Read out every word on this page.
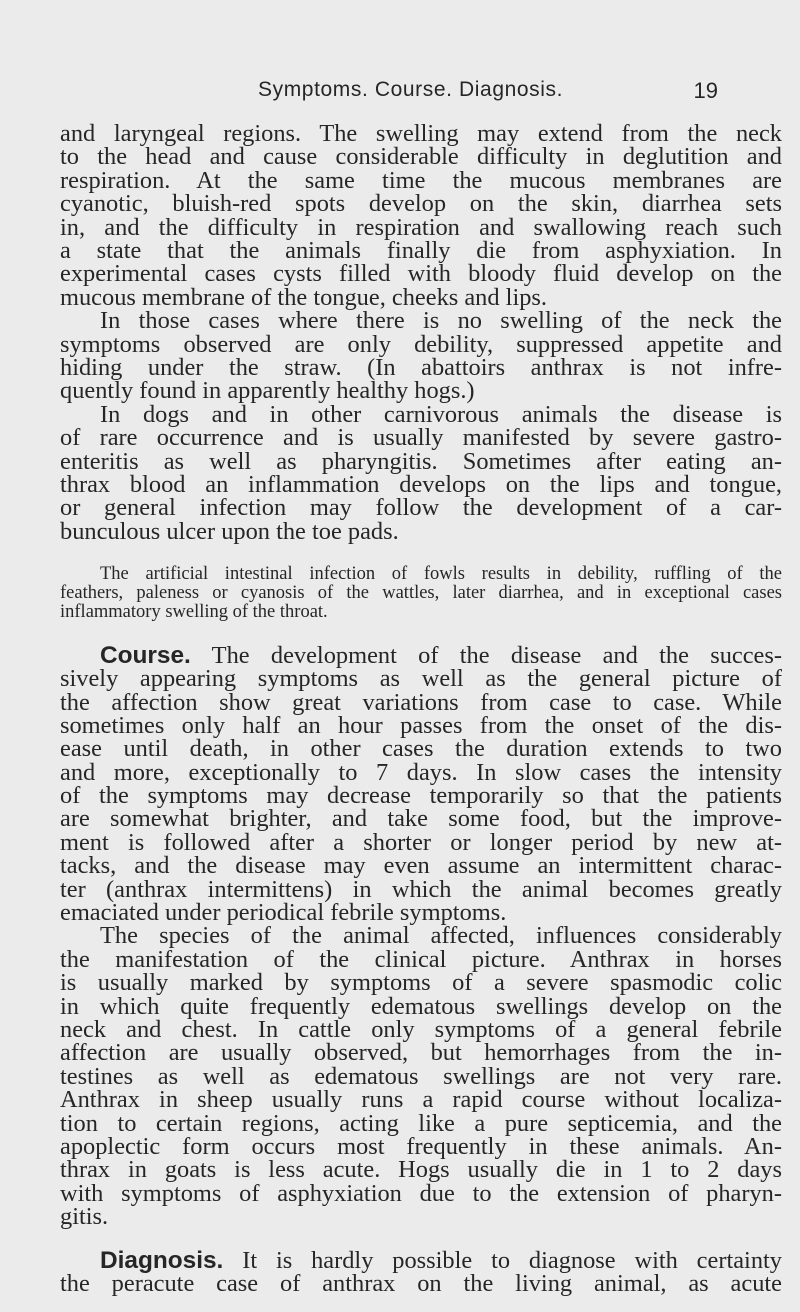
Symptoms. Course. Diagnosis.	19
and laryngeal regions. The swelling may extend from the neck
to the head and cause considerable difficulty in deglutition and
respiration. At the same time the mucous membranes are
cyanotic, bluish-red spots develop on the skin, diarrhea sets
in, and the difficulty in respiration and swallowing reach such
a state that the animals finally die from asphyxiation. In
experimental cases cysts filled with bloody fluid develop on the
mucous membrane of the tongue, cheeks and lips.
In those cases where there is no swelling of the neck the
symptoms observed are only debility, suppressed appetite and
hiding under the straw. (In abattoirs anthrax is not infre-
quently found in apparently healthy hogs.)
In dogs and in other carnivorous animals the disease is
of rare occurrence and is usually manifested by severe gastro-
enteritis as well as pharyngitis. Sometimes after eating an-
thrax blood an inflammation develops on the lips and tongue,
or general infection may follow the development of a car-
bunculous ulcer upon the toe pads.
The artificial intestinal infection of fowls results in debility, ruffling of the
feathers, paleness or cyanosis of the wattles, later diarrhea, and in exceptional cases
inflammatory swelling of the throat.
Course. The development of the disease and the succes-
sively appearing symptoms as well as the general picture of
the affection show great variations from case to case. While
sometimes only half an hour passes from the onset of the dis-
ease until death, in other cases the duration extends to two
and more, exceptionally to 7 days. In slow cases the intensity
of the symptoms may decrease temporarily so that the patients
are somewhat brighter, and take some food, but the improve-
ment is followed after a shorter or longer period by new at-
tacks, and the disease may even assume an intermittent charac-
ter (anthrax intermittens) in which the animal becomes greatly
emaciated under periodical febrile symptoms.
The species of the animal affected, influences considerably
the manifestation of the clinical picture. Anthrax in horses
is usually marked by symptoms of a severe spasmodic colic
in which quite frequently edematous swellings develop on the
neck and chest. In cattle only symptoms of a general febrile
affection are usually observed, but hemorrhages from the in-
testines as well as edematous swellings are not very rare.
Anthrax in sheep usually runs a rapid course without localiza-
tion to certain regions, acting like a pure septicemia, and the
apoplectic form occurs most frequently in these animals. An-
thrax in goats is less acute. Hogs usually die in 1 to 2 days
with symptoms of asphyxiation due to the extension of pharyn-
gitis.
Diagnosis. It is hardly possible to diagnose with certainty
the peracute case of anthrax on the living animal, as acute
